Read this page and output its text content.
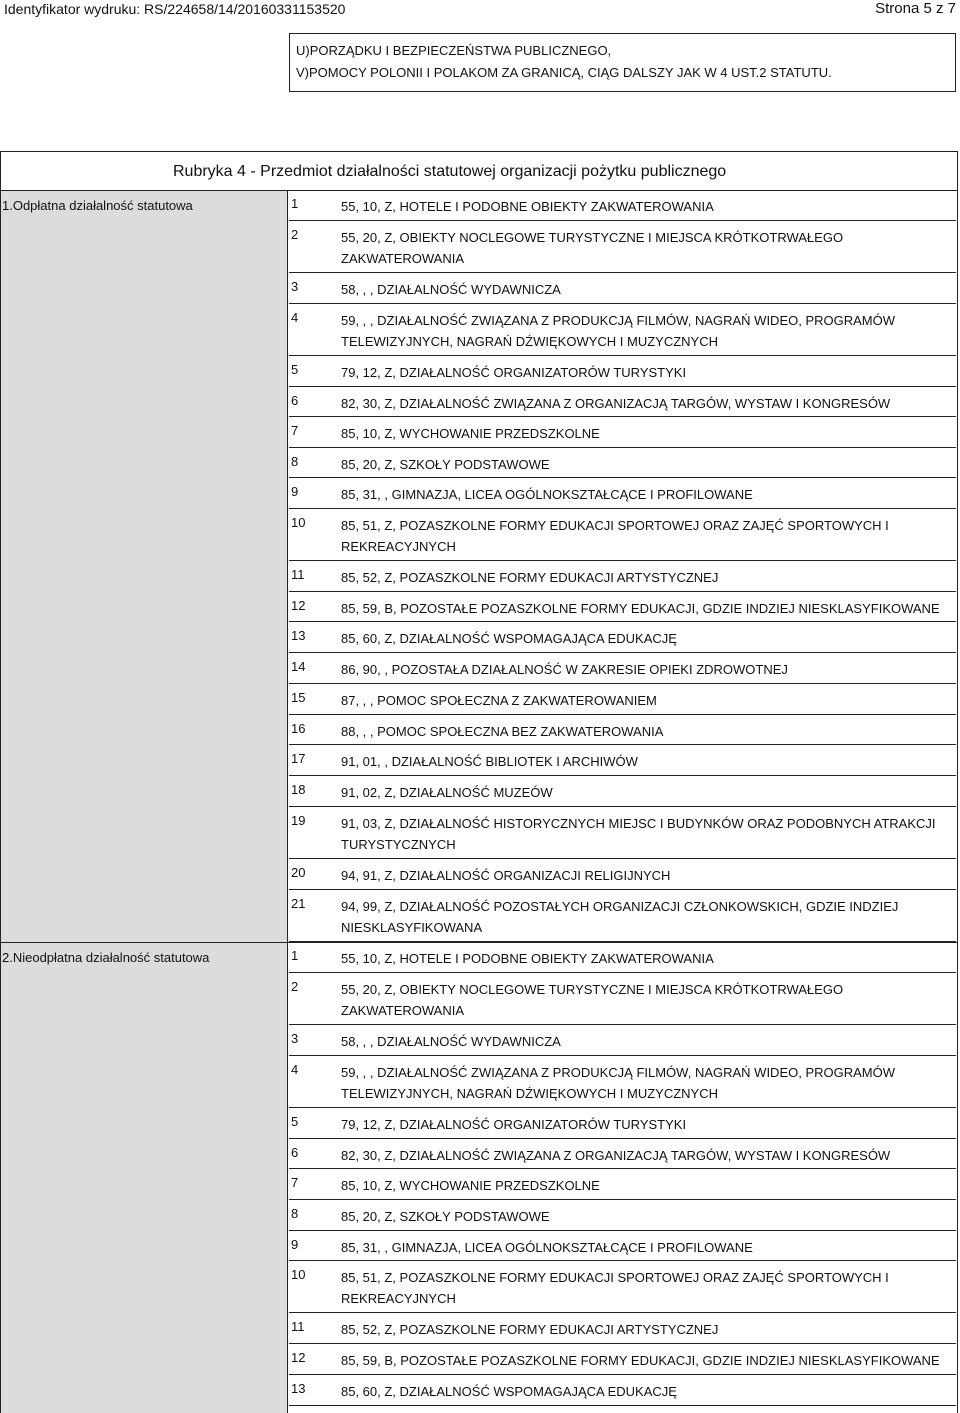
Identyfikator wydruku: RS/224658/14/20160331153520	Strona 5 z 7
U)PORZĄDKU I BEZPIECZEŃSTWA PUBLICZNEGO,
V)POMOCY POLONII I POLAKOM ZA GRANICĄ, CIĄG DALSZY JAK W 4 UST.2 STATUTU.
Rubryka 4 - Przedmiot działalności statutowej organizacji pożytku publicznego
1.Odpłatna działalność statutowa	1	55, 10, Z, HOTELE I PODOBNE OBIEKTY ZAKWATEROWANIA
2	55, 20, Z, OBIEKTY NOCLEGOWE TURYSTYCZNE I MIEJSCA KRÓTKOTRWAŁEGO ZAKWATEROWANIA
3	58, , , DZIAŁALNOŚĆ WYDAWNICZA
4	59, , , DZIAŁALNOŚĆ ZWIĄZANA Z PRODUKCJĄ FILMÓW, NAGRAŃ WIDEO, PROGRAMÓW TELEWIZYJNYCH, NAGRAŃ DŹWIĘKOWYCH I MUZYCZNYCH
5	79, 12, Z, DZIAŁALNOŚĆ ORGANIZATORÓW TURYSTYKI
6	82, 30, Z, DZIAŁALNOŚĆ ZWIĄZANA Z ORGANIZACJĄ TARGÓW, WYSTAW I KONGRESÓW
7	85, 10, Z, WYCHOWANIE PRZEDSZKOLNE
8	85, 20, Z, SZKOŁY PODSTAWOWE
9	85, 31, , GIMNAZJA, LICEA OGÓLNOKSZTAŁCĄCE I PROFILOWANE
10	85, 51, Z, POZASZKOLNE FORMY EDUKACJI SPORTOWEJ ORAZ ZAJĘĆ SPORTOWYCH I REKREACYJNYCH
11	85, 52, Z, POZASZKOLNE FORMY EDUKACJI ARTYSTYCZNEJ
12	85, 59, B, POZOSTAŁE POZASZKOLNE FORMY EDUKACJI, GDZIE INDZIEJ NIESKLASYFIKOWANE
13	85, 60, Z, DZIAŁALNOŚĆ WSPOMAGAJĄCA EDUKACJĘ
14	86, 90, , POZOSTAŁA DZIAŁALNOŚĆ W ZAKRESIE OPIEKI ZDROWOTNEJ
15	87, , , POMOC SPOŁECZNA Z ZAKWATEROWANIEM
16	88, , , POMOC SPOŁECZNA BEZ ZAKWATEROWANIA
17	91, 01, , DZIAŁALNOŚĆ BIBLIOTEK I ARCHIWÓW
18	91, 02, Z, DZIAŁALNOŚĆ MUZEÓW
19	91, 03, Z, DZIAŁALNOŚĆ HISTORYCZNYCH MIEJSC I BUDYNKÓW ORAZ PODOBNYCH ATRAKCJI TURYSTYCZNYCH
20	94, 91, Z, DZIAŁALNOŚĆ ORGANIZACJI RELIGIJNYCH
21	94, 99, Z, DZIAŁALNOŚĆ POZOSTAŁYCH ORGANIZACJI CZŁONKOWSKICH, GDZIE INDZIEJ NIESKLASYFIKOWANA
2.Nieodpłatna działalność statutowa	1	55, 10, Z, HOTELE I PODOBNE OBIEKTY ZAKWATEROWANIA
2	55, 20, Z, OBIEKTY NOCLEGOWE TURYSTYCZNE I MIEJSCA KRÓTKOTRWAŁEGO ZAKWATEROWANIA
3	58, , , DZIAŁALNOŚĆ WYDAWNICZA
4	59, , , DZIAŁALNOŚĆ ZWIĄZANA Z PRODUKCJĄ FILMÓW, NAGRAŃ WIDEO, PROGRAMÓW TELEWIZYJNYCH, NAGRAŃ DŹWIĘKOWYCH I MUZYCZNYCH
5	79, 12, Z, DZIAŁALNOŚĆ ORGANIZATORÓW TURYSTYKI
6	82, 30, Z, DZIAŁALNOŚĆ ZWIĄZANA Z ORGANIZACJĄ TARGÓW, WYSTAW I KONGRESÓW
7	85, 10, Z, WYCHOWANIE PRZEDSZKOLNE
8	85, 20, Z, SZKOŁY PODSTAWOWE
9	85, 31, , GIMNAZJA, LICEA OGÓLNOKSZTAŁCĄCE I PROFILOWANE
10	85, 51, Z, POZASZKOLNE FORMY EDUKACJI SPORTOWEJ ORAZ ZAJĘĆ SPORTOWYCH I REKREACYJNYCH
11	85, 52, Z, POZASZKOLNE FORMY EDUKACJI ARTYSTYCZNEJ
12	85, 59, B, POZOSTAŁE POZASZKOLNE FORMY EDUKACJI, GDZIE INDZIEJ NIESKLASYFIKOWANE
13	85, 60, Z, DZIAŁALNOŚĆ WSPOMAGAJĄCA EDUKACJĘ
